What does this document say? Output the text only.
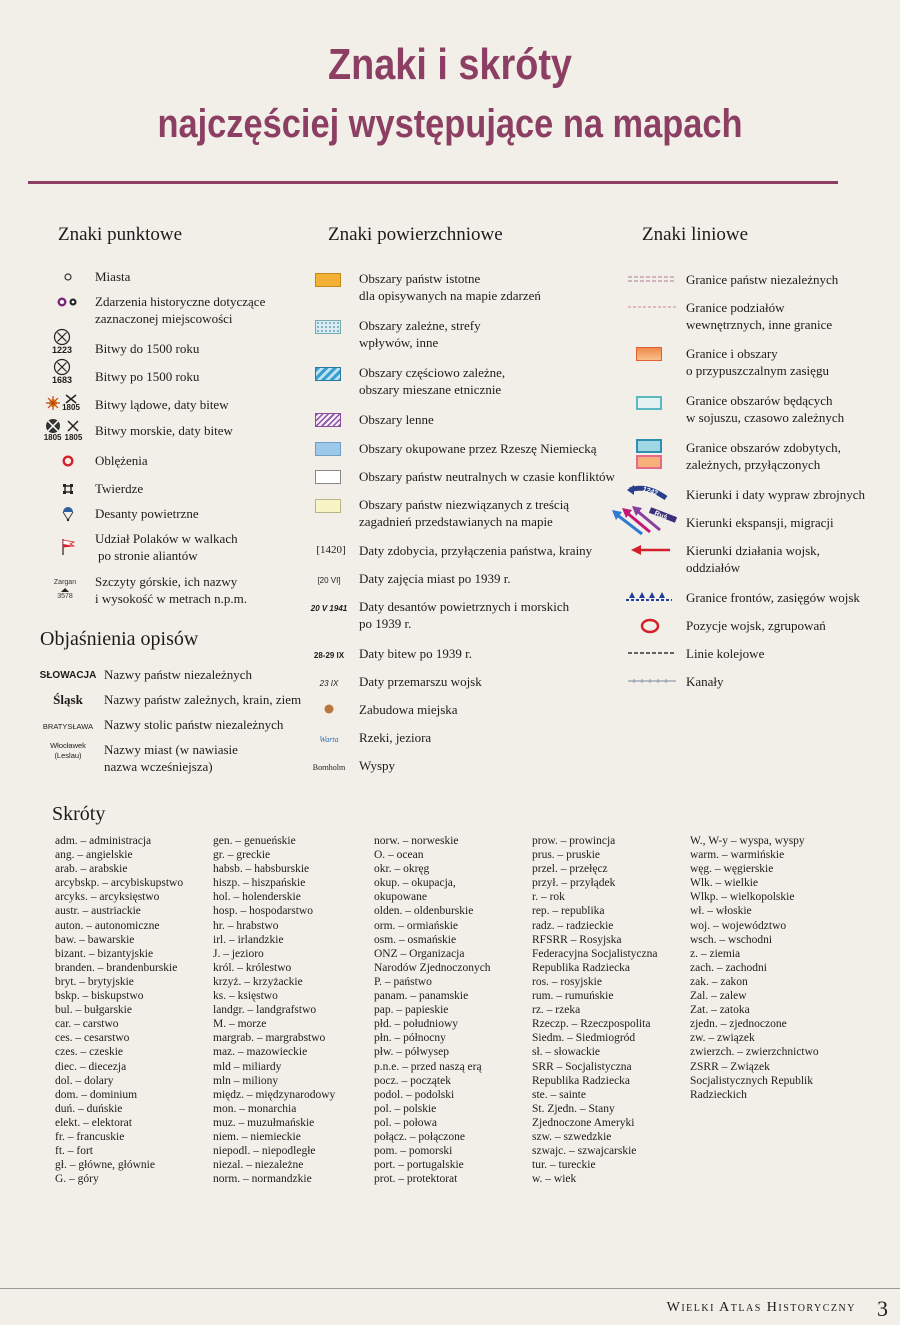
Znaki i skróty
najczęściej występujące na mapach
Znaki punktowe
Miasta
Zdarzenia historyczne dotyczące
zaznaczonej miejscowości
1223 Bitwy do 1500 roku
1683 Bitwy po 1500 roku
1805 Bitwy lądowe, daty bitew
1805 1805 Bitwy morskie, daty bitew
Oblężenia
Twierdze
Desanty powietrzne
Udział Polaków w walkach
po stronie aliantów
Zargan
3578
Szczyty górskie, ich nazwy
i wysokość w metrach n.p.m.
Objaśnienia opisów
SŁOWACJA Nazwy państw niezależnych
Śląsk	Nazwy państw zależnych, krain, ziem
BRATYSŁAWA Nazwy stolic państw niezależnych
Włocławek
(Leslau)	Nazwy miast (w nawiasie
nazwa wcześniejsza)
Znaki powierzchniowe
Obszary państw istotne
dla opisywanych na mapie zdarzeń
Obszary zależne, strefy
wpływów, inne
Obszary częściowo zależne,
obszary mieszane etnicznie
Obszary lenne
Obszary okupowane przez Rzeszę Niemiecką
Obszary państw neutralnych w czasie konfliktów
Obszary państw niezwiązanych z treścią
zagadnień przedstawianych na mapie
[1420]	Daty zdobycia, przyłączenia państwa, krainy
[20 VI]	Daty zajęcia miast po 1939 r.
20 V 1941 Daty desantów powietrznych i morskich
po 1939 r.
28-29 IX	Daty bitew po 1939 r.
23 IX	Daty przemarszu wojsk
Zabudowa miejska
Warta	Rzeki, jeziora
Bornholm	Wyspy
Znaki liniowe
Granice państw niezależnych
Granice podziałów
wewnętrznych, inne granice
Granice i obszary
o przypuszczalnym zasięgu
Granice obszarów będących
w sojuszu, czasowo zależnych
Granice obszarów zdobytych,
zależnych, przyłączonych
1242 Kierunki i daty wypraw zbrojnych
Ruś Kierunki ekspansji, migracji
Kierunki działania wojsk,
oddziałów
Granice frontów, zasięgów wojsk
Pozycje wojsk, zgrupowań
Linie kolejowe
Kanały
Skróty
adm. – administracja
ang. – angielskie
arab. – arabskie
arcybskp. – arcybiskupstwo
arcyks. – arcyksięstwo
austr. – austriackie
auton. – autonomiczne
baw. – bawarskie
bizant. – bizantyjskie
branden. – brandenburskie
bryt. – brytyjskie
bskp. – biskupstwo
bul. – bułgarskie
car. – carstwo
ces. – cesarstwo
czes. – czeskie
diec. – diecezja
dol. – dolary
dom. – dominium
duń. – duńskie
elekt. – elektorat
fr. – francuskie
ft. – fort
gł. – główne, głównie
G. – góry
gen. – genueńskie
gr. – greckie
habsb. – habsburskie
hiszp. – hiszpańskie
hol. – holenderskie
hosp. – hospodarstwo
hr. – hrabstwo
irl. – irlandzkie
J. – jezioro
król. – królestwo
krzyż. – krzyżackie
ks. – księstwo
landgr. – landgrafstwo
M. – morze
margrab. – margrabstwo
maz. – mazowieckie
mld – miliardy
mln – miliony
międz. – międzynarodowy
mon. – monarchia
muz. – muzułmańskie
niem. – niemieckie
niepodl. – niepodległe
niezal. – niezależne
norm. – normandzkie
norw. – norweskie
O. – ocean
okr. – okręg
okup. – okupacja,
okupowane
olden. – oldenburskie
orm. – ormiańskie
osm. – osmańskie
ONZ – Organizacja
Narodów Zjednoczonych
P. – państwo
panam. – panamskie
pap. – papieskie
płd. – południowy
płn. – północny
płw. – półwysep
p.n.e. – przed naszą erą
pocz. – początek
podol. – podolski
pol. – polskie
pol. – połowa
połącz. – połączone
pom. – pomorski
port. – portugalskie
prot. – protektorat
prow. – prowincja
prus. – pruskie
przel. – przełęcz
przył. – przyłądek
r. – rok
rep. – republika
radz. – radzieckie
RFSRR – Rosyjska
Federacyjna Socjalistyczna
Republika Radziecka
ros. – rosyjskie
rum. – rumuńskie
rz. – rzeka
Rzeczp. – Rzeczpospolita
Siedm. – Siedmiogród
sł. – słowackie
SRR – Socjalistyczna
Republika Radziecka
ste. – sainte
St. Zjedn. – Stany
Zjednoczone Ameryki
szw. – szwedzkie
szwajc. – szwajcarskie
tur. – tureckie
w. – wiek
W., W-y – wyspa, wyspy
warm. – warmińskie
węg. – węgierskie
Wlk. – wielkie
Wlkp. – wielkopolskie
wł. – włoskie
woj. – województwo
wsch. – wschodni
z. – ziemia
zach. – zachodni
zak. – zakon
Zal. – zalew
Zat. – zatoka
zjedn. – zjednoczone
zw. – związek
zwierzch. – zwierzchnictwo
ZSRR – Związek
Socjalistycznych Republik
Radzieckich
Wielki Atlas Historyczny 3
